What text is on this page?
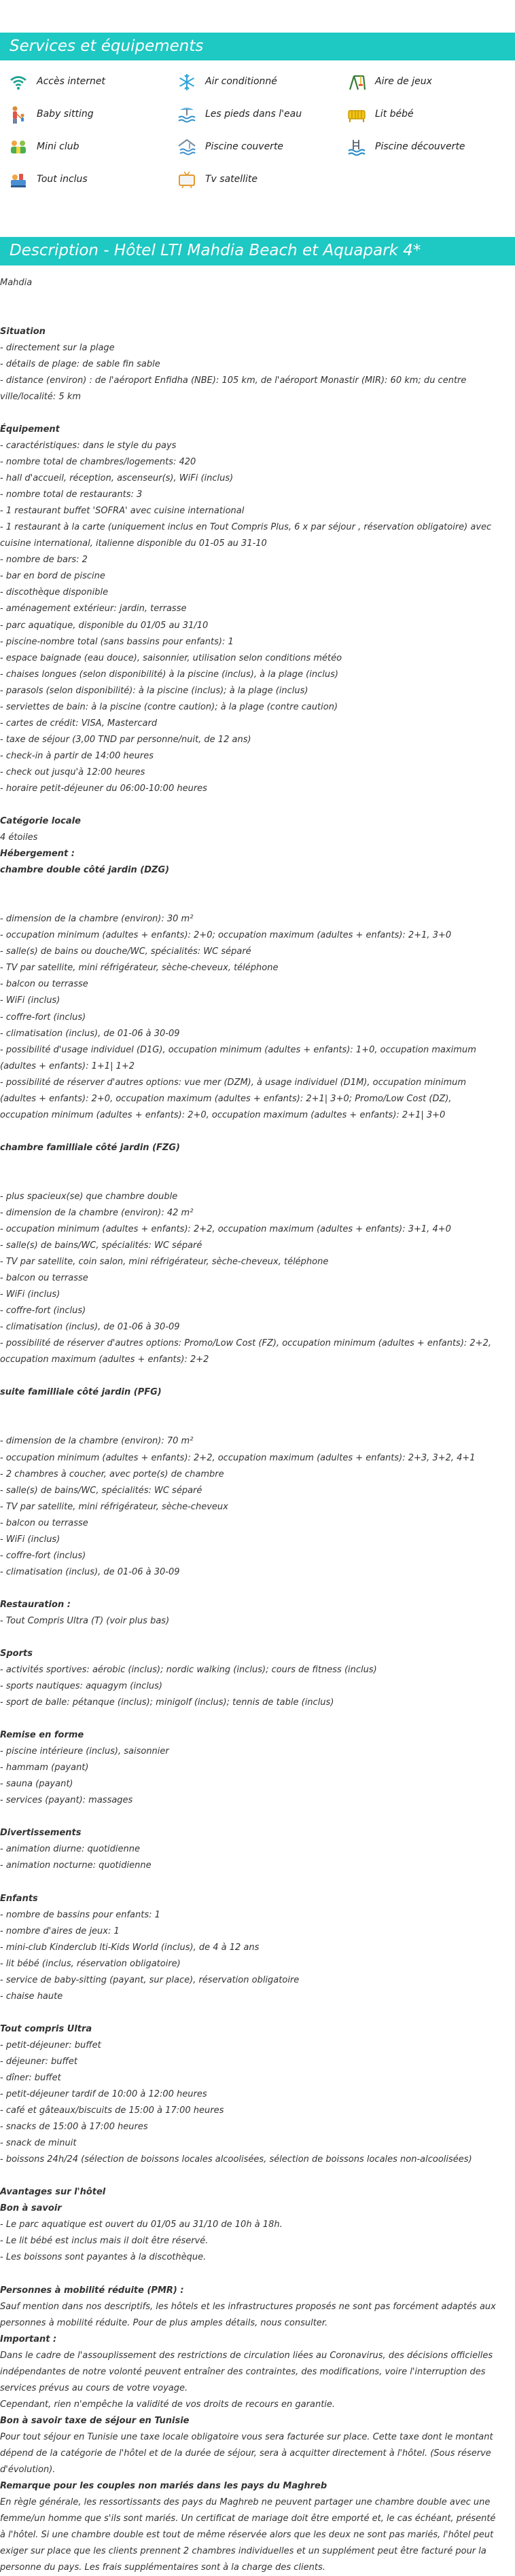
Services et équipements
Accès internet	Air conditionné	Aire de jeux
Baby sitting	Les pieds dans l'eau	Lit bébé
Mini club	Piscine couverte	Piscine découverte
Tout inclus	Tv satellite
Description - Hôtel LTI Mahdia Beach et Aquapark 4*
Mahdia
Situation
- directement sur la plage
- détails de plage: de sable fin sable
- distance (environ) : de l'aéroport Enfidha (NBE): 105 km, de l'aéroport Monastir (MIR): 60 km; du centre ville/localité: 5 km
Équipement
- caractéristiques: dans le style du pays
- nombre total de chambres/logements: 420
- hall d'accueil, réception, ascenseur(s), WiFi (inclus)
- nombre total de restaurants: 3
- 1 restaurant buffet 'SOFRA' avec cuisine international
- 1 restaurant à la carte (uniquement inclus en Tout Compris Plus, 6 x par séjour , réservation obligatoire) avec cuisine international, italienne disponible du 01-05 au 31-10
- nombre de bars: 2
- bar en bord de piscine
- discothèque disponible
- aménagement extérieur: jardin, terrasse
- parc aquatique, disponible du 01/05 au 31/10
- piscine-nombre total (sans bassins pour enfants): 1
- espace baignade (eau douce), saisonnier, utilisation selon conditions météo
- chaises longues (selon disponibilité) à la piscine (inclus), à la plage (inclus)
- parasols (selon disponibilité): à la piscine (inclus); à la plage (inclus)
- serviettes de bain: à la piscine (contre caution); à la plage (contre caution)
- cartes de crédit: VISA, Mastercard
- taxe de séjour (3,00 TND par personne/nuit, de 12 ans)
- check-in à partir de 14:00 heures
- check out jusqu'à 12:00 heures
- horaire petit-déjeuner du 06:00-10:00 heures
Catégorie locale
4 étoiles
Hébergement :
chambre double côté jardin (DZG)
- dimension de la chambre (environ): 30 m²
- occupation minimum (adultes + enfants): 2+0; occupation maximum (adultes + enfants): 2+1, 3+0
- salle(s) de bains ou douche/WC, spécialités: WC séparé
- TV par satellite, mini réfrigérateur, sèche-cheveux, téléphone
- balcon ou terrasse
- WiFi (inclus)
- coffre-fort (inclus)
- climatisation (inclus), de 01-06 à 30-09
- possibilité d'usage individuel (D1G), occupation minimum (adultes + enfants): 1+0, occupation maximum (adultes + enfants): 1+1| 1+2
- possibilité de réserver d'autres options: vue mer (DZM), à usage individuel (D1M), occupation minimum (adultes + enfants): 2+0, occupation maximum (adultes + enfants): 2+1| 3+0; Promo/Low Cost (DZ), occupation minimum (adultes + enfants): 2+0, occupation maximum (adultes + enfants): 2+1| 3+0
chambre familliale côté jardin (FZG)
- plus spacieux(se) que chambre double
- dimension de la chambre (environ): 42 m²
- occupation minimum (adultes + enfants): 2+2, occupation maximum (adultes + enfants): 3+1, 4+0
- salle(s) de bains/WC, spécialités: WC séparé
- TV par satellite, coin salon, mini réfrigérateur, sèche-cheveux, téléphone
- balcon ou terrasse
- WiFi (inclus)
- coffre-fort (inclus)
- climatisation (inclus), de 01-06 à 30-09
- possibilité de réserver d'autres options: Promo/Low Cost (FZ), occupation minimum (adultes + enfants): 2+2, occupation maximum (adultes + enfants): 2+2
suite familliale côté jardin (PFG)
- dimension de la chambre (environ): 70 m²
- occupation minimum (adultes + enfants): 2+2, occupation maximum (adultes + enfants): 2+3, 3+2, 4+1
- 2 chambres à coucher, avec porte(s) de chambre
- salle(s) de bains/WC, spécialités: WC séparé
- TV par satellite, mini réfrigérateur, sèche-cheveux
- balcon ou terrasse
- WiFi (inclus)
- coffre-fort (inclus)
- climatisation (inclus), de 01-06 à 30-09
Restauration :
- Tout Compris Ultra (T) (voir plus bas)
Sports
- activités sportives: aérobic (inclus); nordic walking (inclus); cours de fitness (inclus)
- sports nautiques: aquagym (inclus)
- sport de balle: pétanque (inclus); minigolf (inclus); tennis de table (inclus)
Remise en forme
- piscine intérieure (inclus), saisonnier
- hammam (payant)
- sauna (payant)
- services (payant): massages
Divertissements
- animation diurne: quotidienne
- animation nocturne: quotidienne
Enfants
- nombre de bassins pour enfants: 1
- nombre d'aires de jeux: 1
- mini-club Kinderclub lti-Kids World (inclus), de 4 à 12 ans
- lit bébé (inclus, réservation obligatoire)
- service de baby-sitting (payant, sur place), réservation obligatoire
- chaise haute
Tout compris Ultra
- petit-déjeuner: buffet
- déjeuner: buffet
- dîner: buffet
- petit-déjeuner tardif de 10:00 à 12:00 heures
- café et gâteaux/biscuits de 15:00 à 17:00 heures
- snacks de 15:00 à 17:00 heures
- snack de minuit
- boissons 24h/24 (sélection de boissons locales alcoolisées, sélection de boissons locales non-alcoolisées)
Avantages sur l'hôtel
Bon à savoir
- Le parc aquatique est ouvert du 01/05 au 31/10 de 10h à 18h.
- Le lit bébé est inclus mais il doit être réservé.
- Les boissons sont payantes à la discothèque.
Personnes à mobilité réduite (PMR) :
Sauf mention dans nos descriptifs, les hôtels et les infrastructures proposés ne sont pas forcément adaptés aux personnes à mobilité réduite. Pour de plus amples détails, nous consulter.
Important :
Dans le cadre de l'assouplissement des restrictions de circulation liées au Coronavirus, des décisions officielles indépendantes de notre volonté peuvent entraîner des contraintes, des modifications, voire l'interruption des services prévus au cours de votre voyage.
Cependant, rien n'empêche la validité de vos droits de recours en garantie.
Bon à savoir taxe de séjour en Tunisie
Pour tout séjour en Tunisie une taxe locale obligatoire vous sera facturée sur place. Cette taxe dont le montant dépend de la catégorie de l'hôtel et de la durée de séjour, sera à acquitter directement à l'hôtel. (Sous réserve d'évolution).
Remarque pour les couples non mariés dans les pays du Maghreb
En règle générale, les ressortissants des pays du Maghreb ne peuvent partager une chambre double avec une femme/un homme que s'ils sont mariés. Un certificat de mariage doit être emporté et, le cas échéant, présenté à l'hôtel. Si une chambre double est tout de même réservée alors que les deux ne sont pas mariés, l'hôtel peut exiger sur place que les clients prennent 2 chambres individuelles et un supplément peut être facturé pour la personne du pays. Les frais supplémentaires sont à la charge des clients.
